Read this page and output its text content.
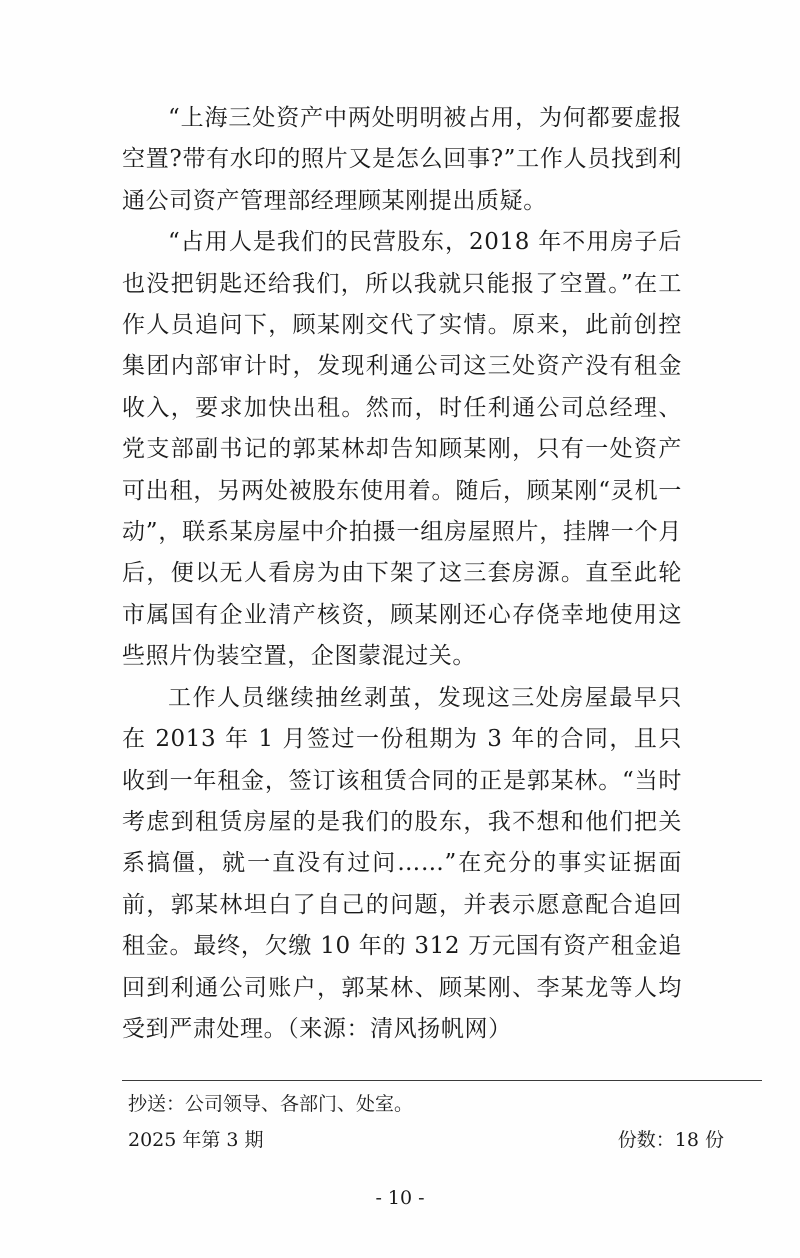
“上海三处资产中两处明明被占用，为何都要虚报空置?带有水印的照片又是怎么回事?”工作人员找到利通公司资产管理部经理顾某刚提出质疑。

“占用人是我们的民营股东，2018 年不用房子后也没把钥匙还给我们，所以我就只能报了空置。”在工作人员追问下，顾某刚交代了实情。原来，此前创控集团内部审计时，发现利通公司这三处资产没有租金收入，要求加快出租。然而，时任利通公司总经理、党支部副书记的郭某林却告知顾某刚，只有一处资产可出租，另两处被股东使用着。随后，顾某刚“灵机一动”，联系某房屋中介拍摄一组房屋照片，挂牌一个月后，便以无人看房为由下架了这三套房源。直至此轮市属国有企业清产核资，顾某刚还心存侥幸地使用这些照片伪装空置，企图蒙混过关。

工作人员继续抽丝剥茧，发现这三处房屋最早只在 2013 年 1 月签过一份租期为 3 年的合同，且只收到一年租金，签订该租赁合同的正是郭某林。“当时考虑到租赁房屋的是我们的股东，我不想和他们把关系搞僵，就一直没有过问……”在充分的事实证据面前，郭某林坦白了自己的问题，并表示愿意配合追回租金。最终，欠缴 10 年的 312 万元国有资产租金追回到利通公司账户，郭某林、顾某刚、李某龙等人均受到严肃处理。（来源：清风扬帆网）

抄送：公司领导、各部门、处室。
2025 年第 3 期	份数：18 份
- 10 -
